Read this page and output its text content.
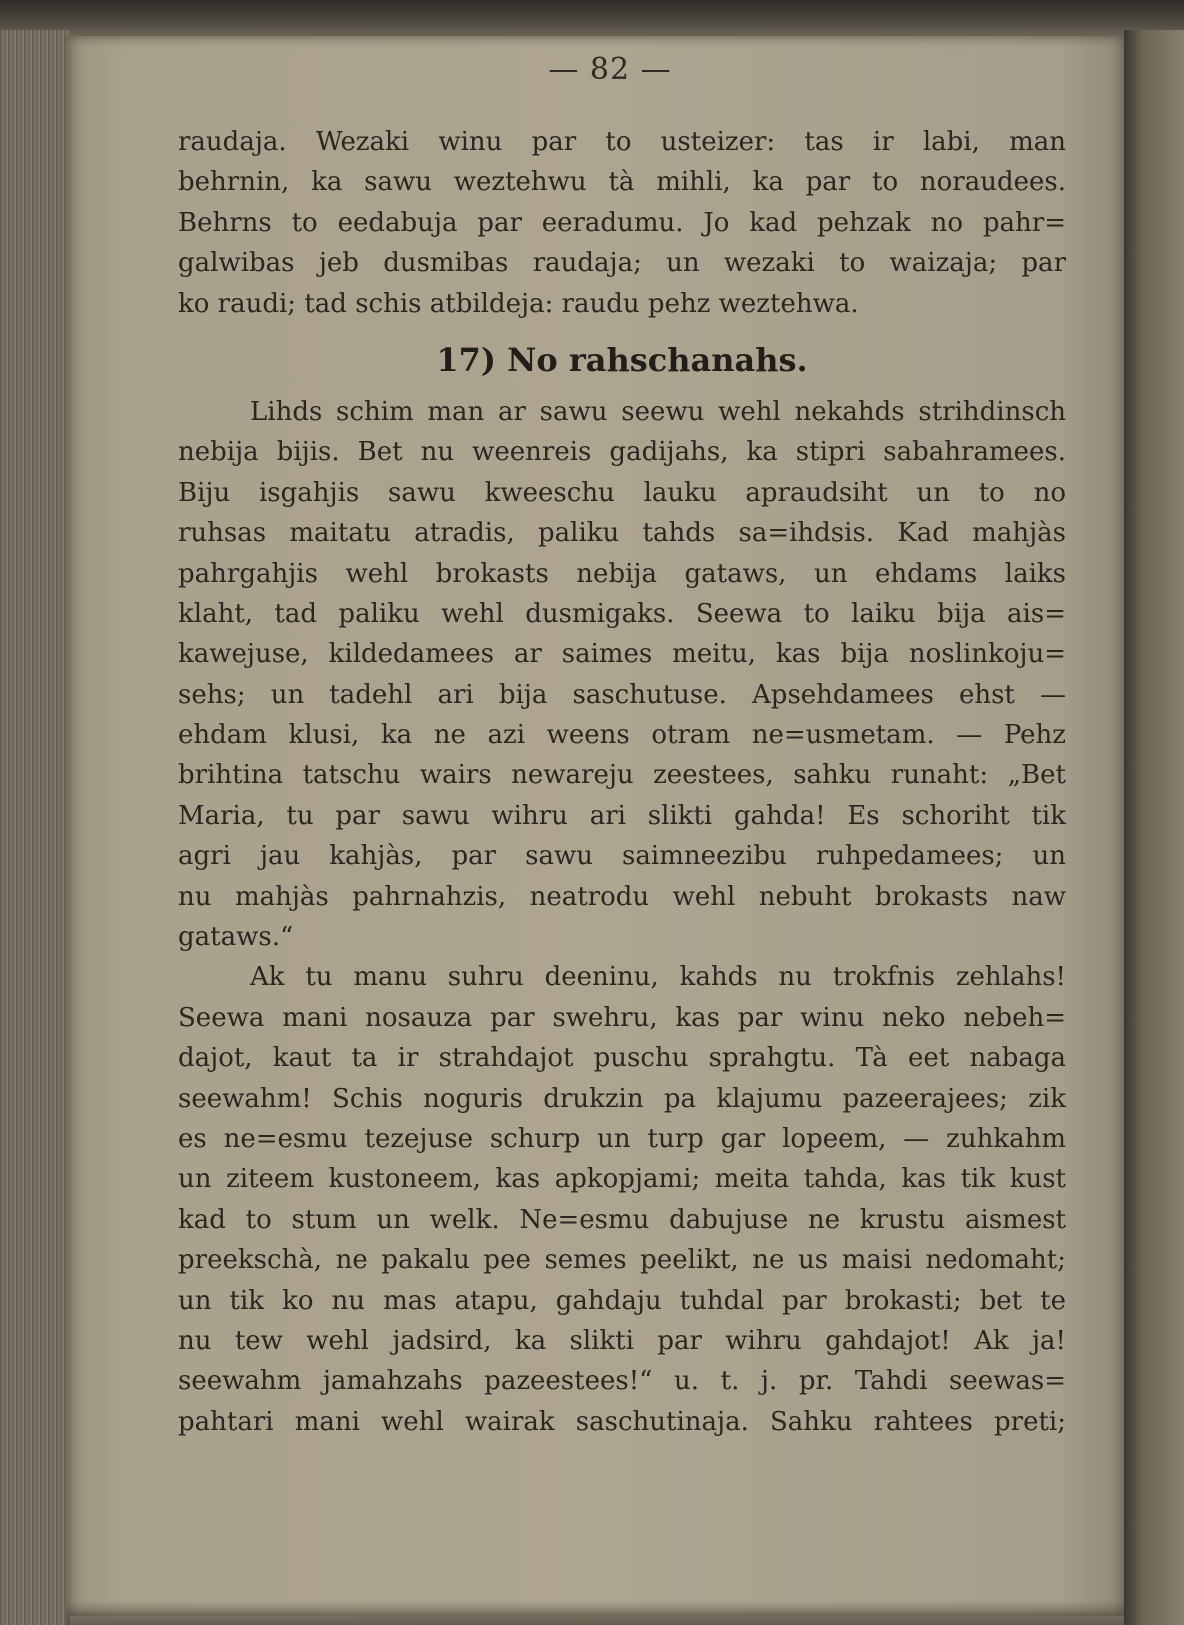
— 82 —
raudaja. Wezaki winu par to usteizer: tas ir labi, man
behrnin, ka sawu weztehwu tà mihli, ka par to noraudees.
Behrns to eedabuja par eeradumu. Jo kad pehzak no pahr=
galwibas jeb dusmibas raudaja; un wezaki to waizaja; par
ko raudi; tad schis atbildeja: raudu pehz weztehwa.
17) No rahschanahs.
Lihds schim man ar sawu seewu wehl nekahds strihdinsch
nebija bijis. Bet nu weenreis gadijahs, ka stipri sabahramees.
Biju isgahjis sawu kweeschu lauku apraudsiht un to no
ruhsas maitatu atradis, paliku tahds sa=ihdsis. Kad mahjàs
pahrgahjis wehl brokasts nebija gataws, un ehdams laiks
klaht, tad paliku wehl dusmigaks. Seewa to laiku bija ais=
kawejuse, kildedamees ar saimes meitu, kas bija noslinkoju=
sehs; un tadehl ari bija saschutuse. Apsehdamees ehst —
ehdam klusi, ka ne azi weens otram ne=usmetam. — Pehz
brihtina tatschu wairs newareju zeestees, sahku runaht: „Bet
Maria, tu par sawu wihru ari slikti gahda! Es schoriht tik
agri jau kahjàs, par sawu saimneezibu ruhpedamees; un
nu mahjàs pahrnahzis, neatrodu wehl nebuht brokasts naw
gataws.“
Ak tu manu suhru deeninu, kahds nu trokfnis zehlahs!
Seewa mani nosauza par swehru, kas par winu neko nebeh=
dajot, kaut ta ir strahdajot puschu sprahgtu. Tà eet nabaga
seewahm! Schis noguris drukzin pa klajumu pazeerajees; zik
es ne=esmu tezejuse schurp un turp gar lopeem, — zuhkahm
un ziteem kustoneem, kas apkopjami; meita tahda, kas tik kust
kad to stum un welk. Ne=esmu dabujuse ne krustu aismest
preekschà, ne pakalu pee semes peelikt, ne us maisi nedomaht;
un tik ko nu mas atapu, gahdaju tuhdal par brokasti; bet te
nu tew wehl jadsird, ka slikti par wihru gahdajot! Ak ja!
seewahm jamahzahs pazeestees!“ u. t. j. pr. Tahdi seewas=
pahtari mani wehl wairak saschutinaja. Sahku rahtees preti;
